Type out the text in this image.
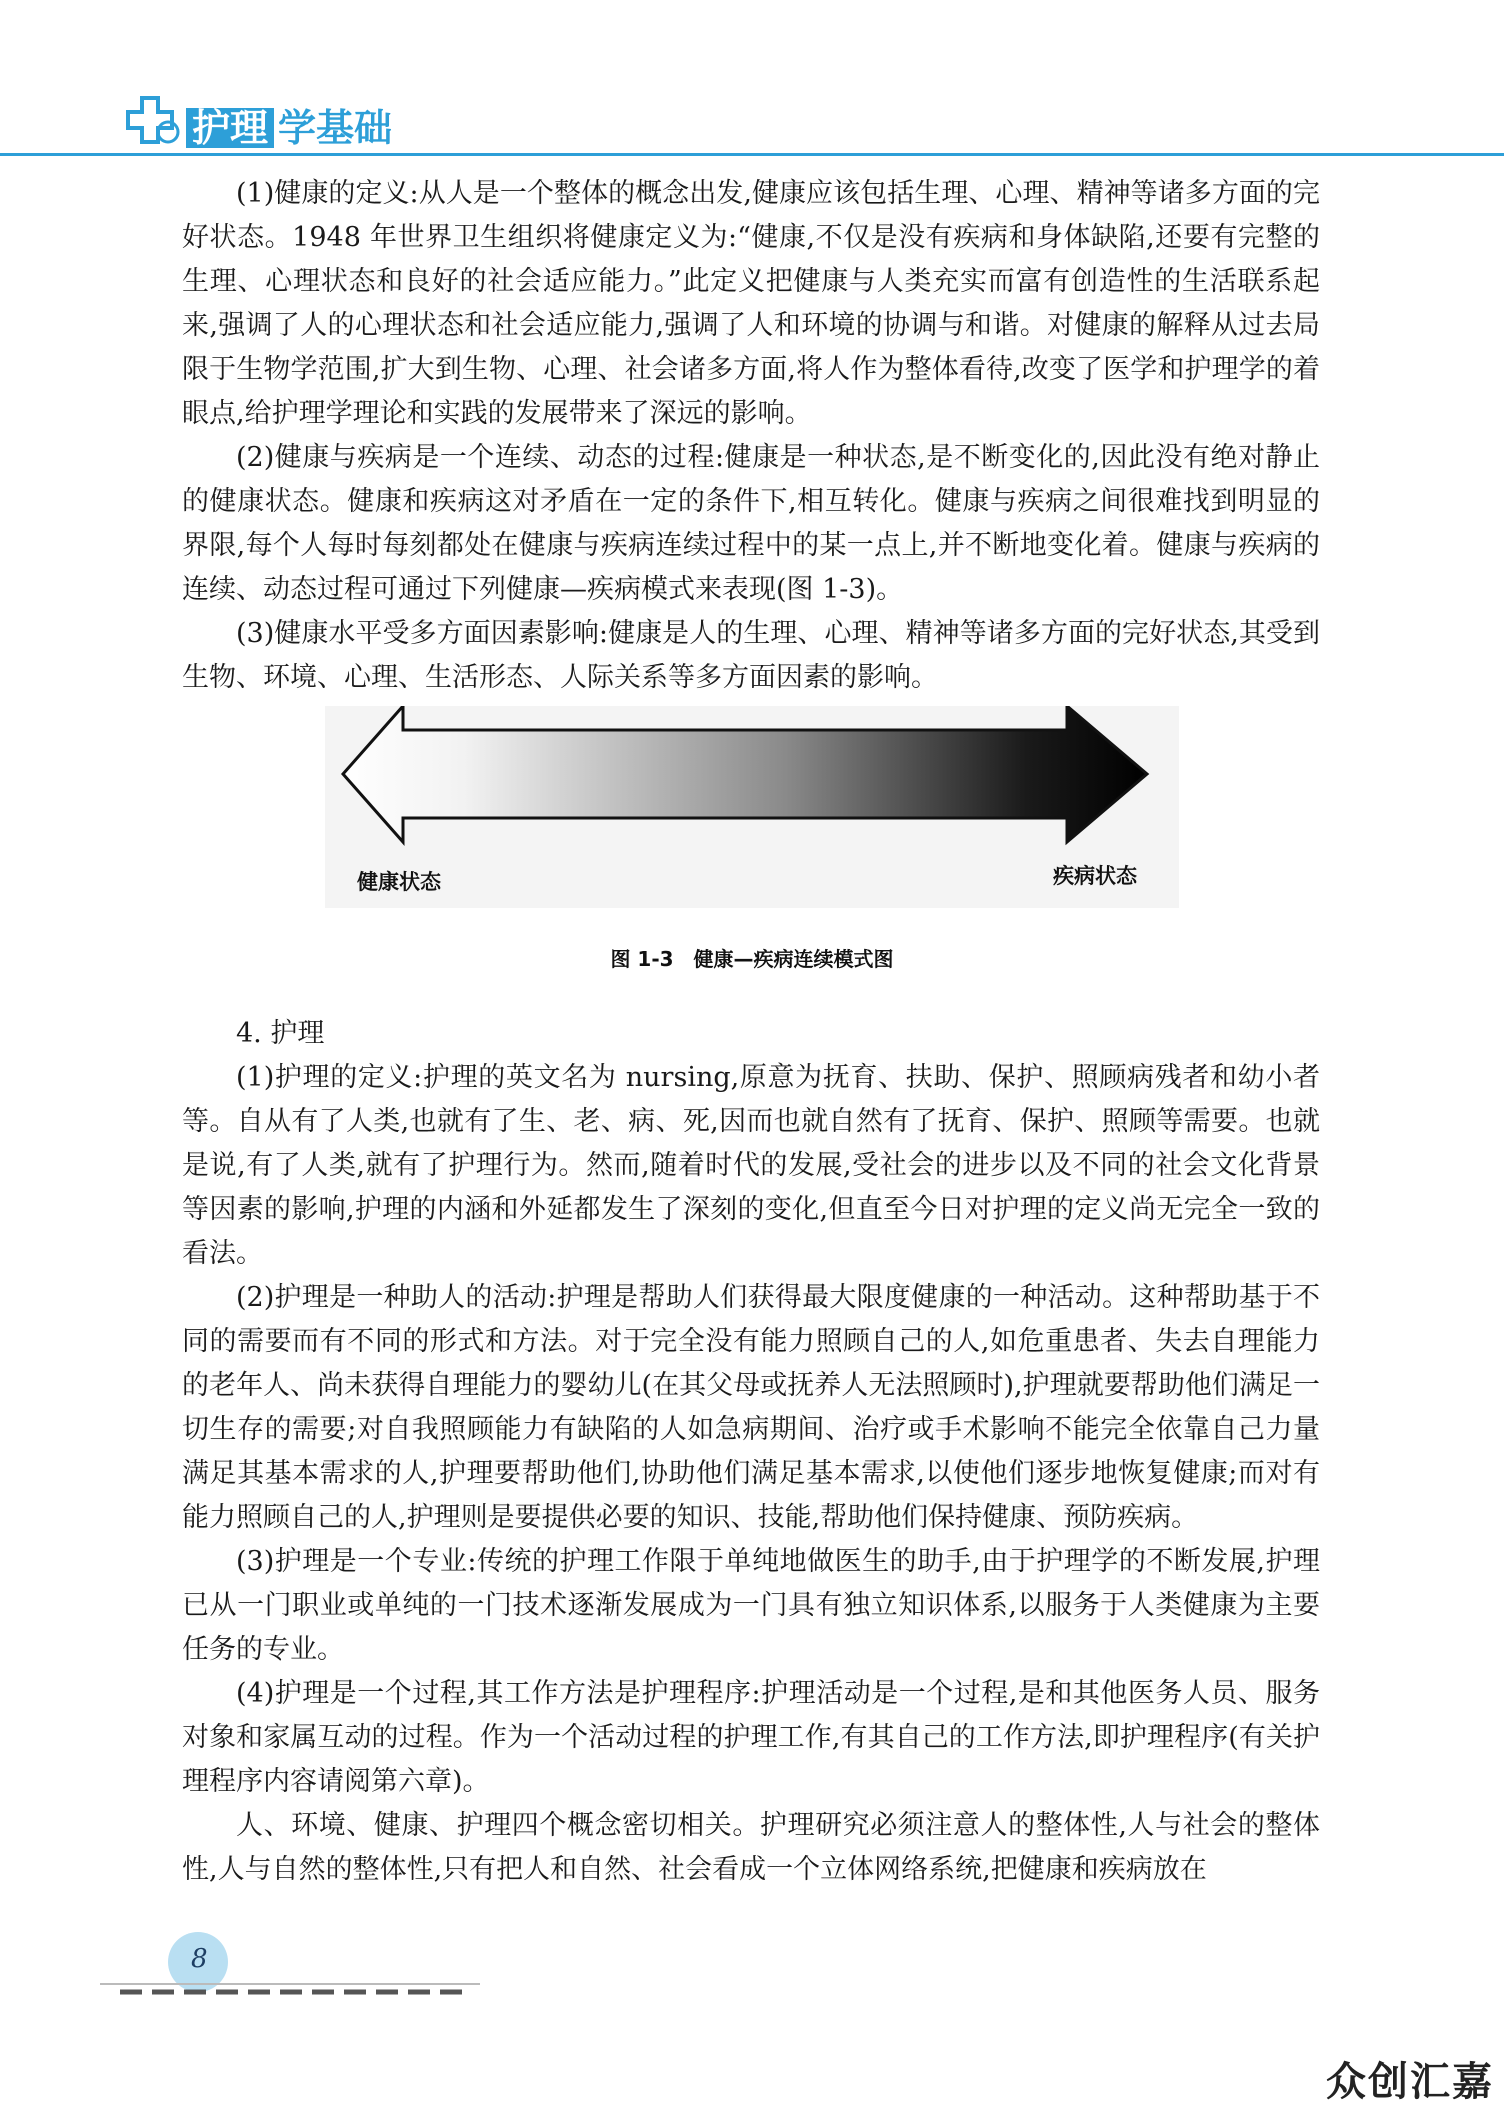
护理 学基础

(1)健康的定义:从人是一个整体的概念出发,健康应该包括生理、心理、精神等诸多方面的完好状态。1948 年世界卫生组织将健康定义为:“健康,不仅是没有疾病和身体缺陷,还要有完整的生理、心理状态和良好的社会适应能力。”此定义把健康与人类充实而富有创造性的生活联系起来,强调了人的心理状态和社会适应能力,强调了人和环境的协调与和谐。对健康的解释从过去局限于生物学范围,扩大到生物、心理、社会诸多方面,将人作为整体看待,改变了医学和护理学的着眼点,给护理学理论和实践的发展带来了深远的影响。

(2)健康与疾病是一个连续、动态的过程:健康是一种状态,是不断变化的,因此没有绝对静止的健康状态。健康和疾病这对矛盾在一定的条件下,相互转化。健康与疾病之间很难找到明显的界限,每个人每时每刻都处在健康与疾病连续过程中的某一点上,并不断地变化着。健康与疾病的连续、动态过程可通过下列健康—疾病模式来表现(图 1-3)。

(3)健康水平受多方面因素影响:健康是人的生理、心理、精神等诸多方面的完好状态,其受到生物、环境、心理、生活形态、人际关系等多方面因素的影响。

健康状态	疾病状态
图 1-3　健康—疾病连续模式图

4. 护理

(1)护理的定义:护理的英文名为 nursing,原意为抚育、扶助、保护、照顾病残者和幼小者等。自从有了人类,也就有了生、老、病、死,因而也就自然有了抚育、保护、照顾等需要。也就是说,有了人类,就有了护理行为。然而,随着时代的发展,受社会的进步以及不同的社会文化背景等因素的影响,护理的内涵和外延都发生了深刻的变化,但直至今日对护理的定义尚无完全一致的看法。

(2)护理是一种助人的活动:护理是帮助人们获得最大限度健康的一种活动。这种帮助基于不同的需要而有不同的形式和方法。对于完全没有能力照顾自己的人,如危重患者、失去自理能力的老年人、尚未获得自理能力的婴幼儿(在其父母或抚养人无法照顾时),护理就要帮助他们满足一切生存的需要;对自我照顾能力有缺陷的人如急病期间、治疗或手术影响不能完全依靠自己力量满足其基本需求的人,护理要帮助他们,协助他们满足基本需求,以使他们逐步地恢复健康;而对有能力照顾自己的人,护理则是要提供必要的知识、技能,帮助他们保持健康、预防疾病。

(3)护理是一个专业:传统的护理工作限于单纯地做医生的助手,由于护理学的不断发展,护理已从一门职业或单纯的一门技术逐渐发展成为一门具有独立知识体系,以服务于人类健康为主要任务的专业。

(4)护理是一个过程,其工作方法是护理程序:护理活动是一个过程,是和其他医务人员、服务对象和家属互动的过程。作为一个活动过程的护理工作,有其自己的工作方法,即护理程序(有关护理程序内容请阅第六章)。

人、环境、健康、护理四个概念密切相关。护理研究必须注意人的整体性,人与社会的整体性,人与自然的整体性,只有把人和自然、社会看成一个立体网络系统,把健康和疾病放在

8
众创汇嘉
